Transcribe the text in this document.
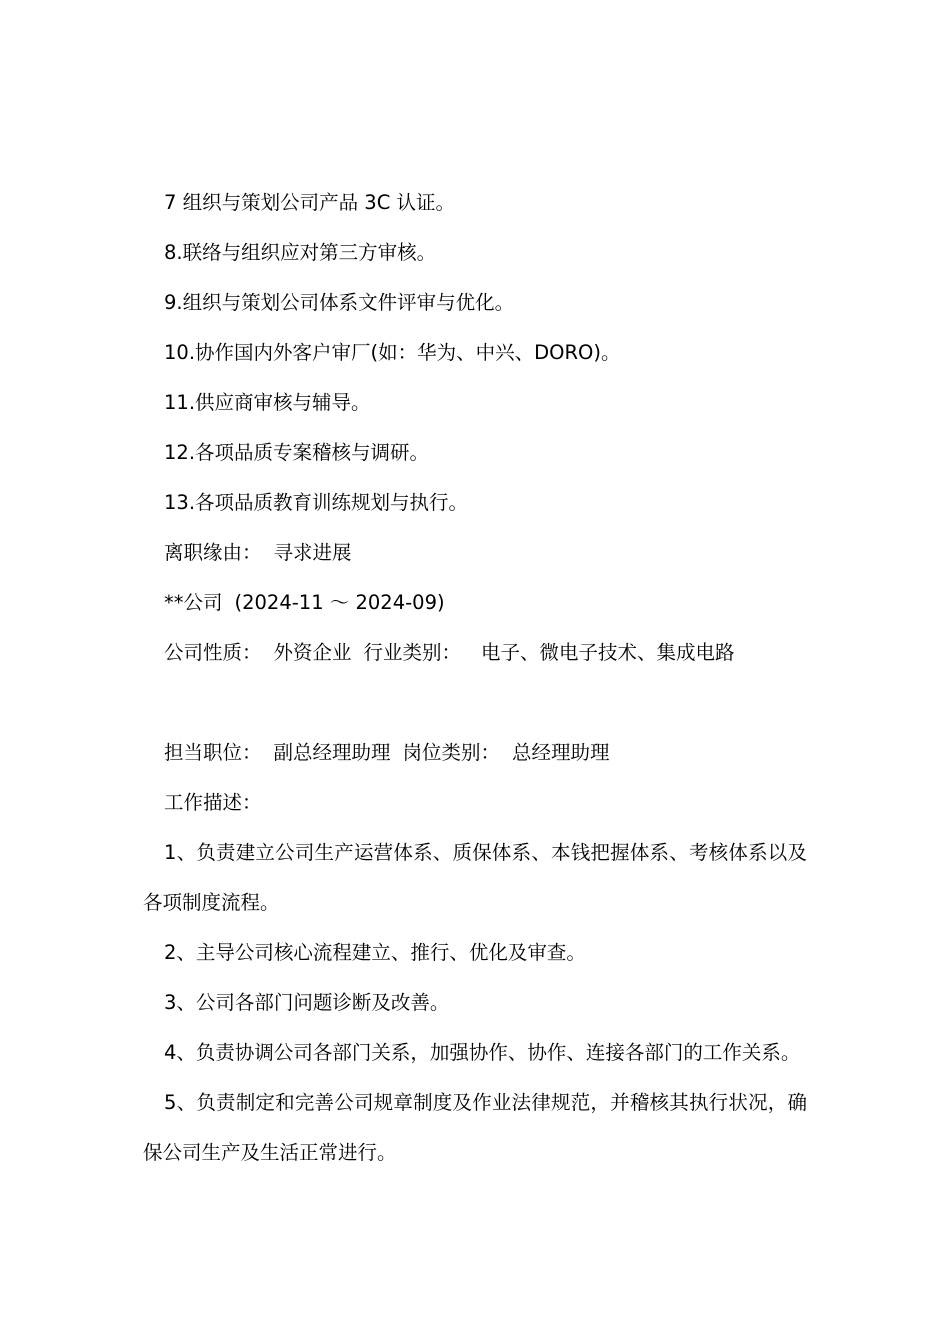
7 组织与策划公司产品 3C 认证。

8.联络与组织应对第三方审核。

9.组织与策划公司体系文件评审与优化。

10.协作国内外客户审厂(如：华为、中兴、DORO)。

11.供应商审核与辅导。

12.各项品质专案稽核与调研。

13.各项品质教育训练规划与执行。

离职缘由： 寻求进展

**公司 (2024-11 ～ 2024-09)

公司性质： 外资企业 行业类别： 电子、微电子技术、集成电路

担当职位： 副总经理助理 岗位类别： 总经理助理

工作描述：

1、负责建立公司生产运营体系、质保体系、本钱把握体系、考核体系以及各项制度流程。

2、主导公司核心流程建立、推行、优化及审查。

3、公司各部门问题诊断及改善。

4、负责协调公司各部门关系，加强协作、协作、连接各部门的工作关系。

5、负责制定和完善公司规章制度及作业法律规范，并稽核其执行状况，确保公司生产及生活正常进行。
